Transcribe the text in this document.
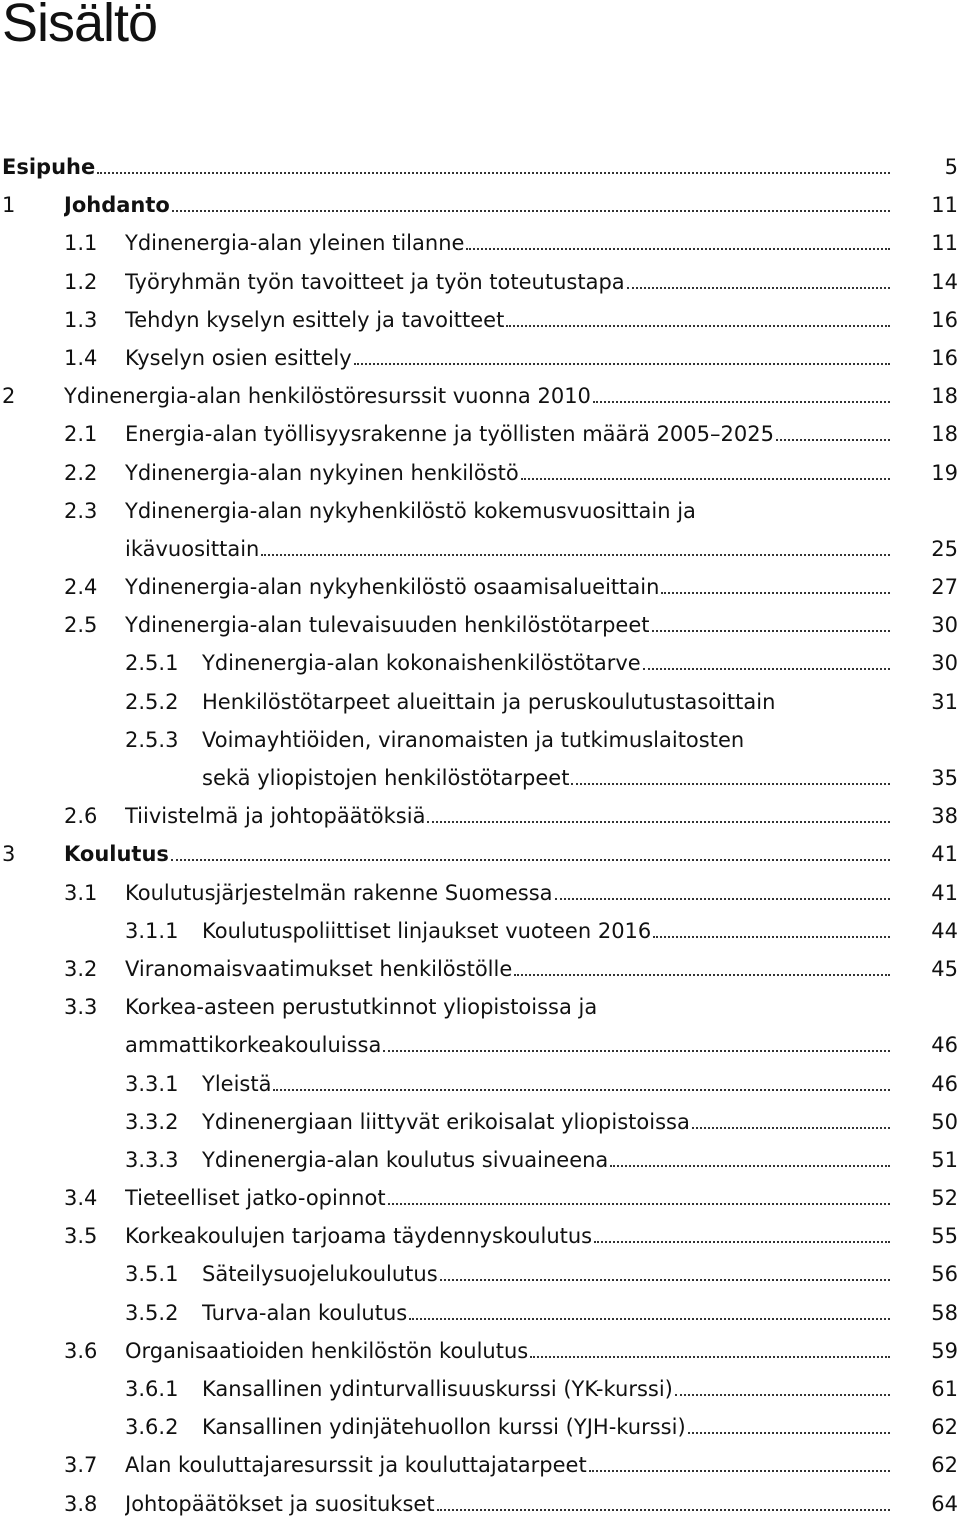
Sisältö
Esipuhe	5
1 Johdanto	11
1.1 Ydinenergia-alan yleinen tilanne	11
1.2 Työryhmän työn tavoitteet ja työn toteutustapa	14
1.3 Tehdyn kyselyn esittely ja tavoitteet	16
1.4 Kyselyn osien esittely	16
2 Ydinenergia-alan henkilöstöresurssit vuonna 2010	18
2.1 Energia-alan työllisyysrakenne ja työllisten määrä 2005–2025	18
2.2 Ydinenergia-alan nykyinen henkilöstö	19
2.3 Ydinenergia-alan nykyhenkilöstö kokemusvuosittain ja
ikävuosittain	25
2.4 Ydinenergia-alan nykyhenkilöstö osaamisalueittain	27
2.5 Ydinenergia-alan tulevaisuuden henkilöstötarpeet	30
2.5.1 Ydinenergia-alan kokonaishenkilöstötarve	30
2.5.2 Henkilöstötarpeet alueittain ja peruskoulutustasoittain	31
2.5.3 Voimayhtiöiden, viranomaisten ja tutkimuslaitosten
sekä yliopistojen henkilöstötarpeet	35
2.6 Tiivistelmä ja johtopäätöksiä	38
3 Koulutus	41
3.1 Koulutusjärjestelmän rakenne Suomessa	41
3.1.1 Koulutuspoliittiset linjaukset vuoteen 2016	44
3.2 Viranomaisvaatimukset henkilöstölle	45
3.3 Korkea-asteen perustutkinnot yliopistoissa ja
ammattikorkeakouluissa	46
3.3.1 Yleistä	46
3.3.2 Ydinenergiaan liittyvät erikoisalat yliopistoissa	50
3.3.3 Ydinenergia-alan koulutus sivuaineena	51
3.4 Tieteelliset jatko-opinnot	52
3.5 Korkeakoulujen tarjoama täydennyskoulutus	55
3.5.1 Säteilysuojelukoulutus	56
3.5.2 Turva-alan koulutus	58
3.6 Organisaatioiden henkilöstön koulutus	59
3.6.1 Kansallinen ydinturvallisuuskurssi (YK-kurssi)	61
3.6.2 Kansallinen ydinjätehuollon kurssi (YJH-kurssi)	62
3.7 Alan kouluttajaresurssit ja kouluttajatarpeet	62
3.8 Johtopäätökset ja suositukset	64
